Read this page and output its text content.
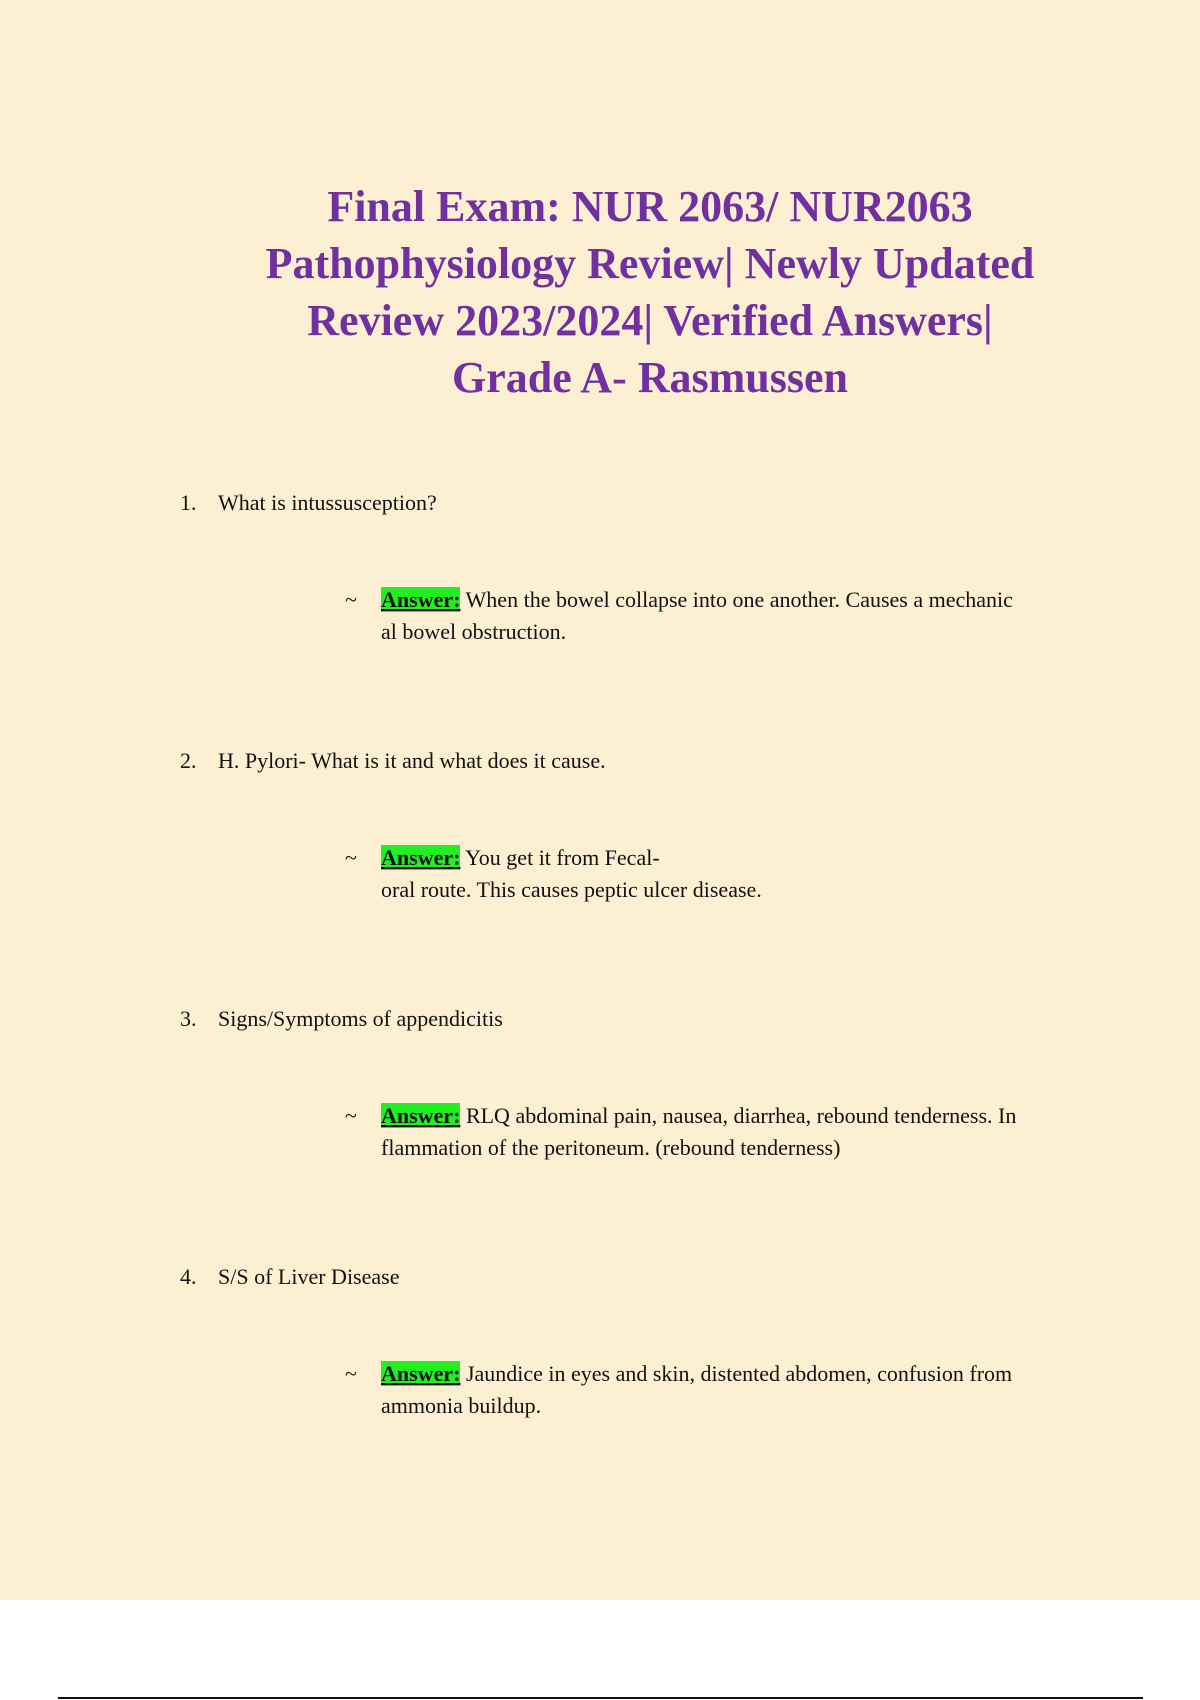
Final Exam: NUR 2063/ NUR2063
Pathophysiology Review| Newly Updated
Review 2023/2024| Verified Answers|
Grade A- Rasmussen
1. What is intussusception?
~ Answer: When the bowel collapse into one another. Causes a mechanic
al bowel obstruction.
2. H. Pylori- What is it and what does it cause.
~ Answer: You get it from Fecal-
oral route. This causes peptic ulcer disease.
3. Signs/Symptoms of appendicitis
~ Answer: RLQ abdominal pain, nausea, diarrhea, rebound tenderness. In
flammation of the peritoneum. (rebound tenderness)
4. S/S of Liver Disease
~ Answer: Jaundice in eyes and skin, distented abdomen, confusion from
ammonia buildup.
